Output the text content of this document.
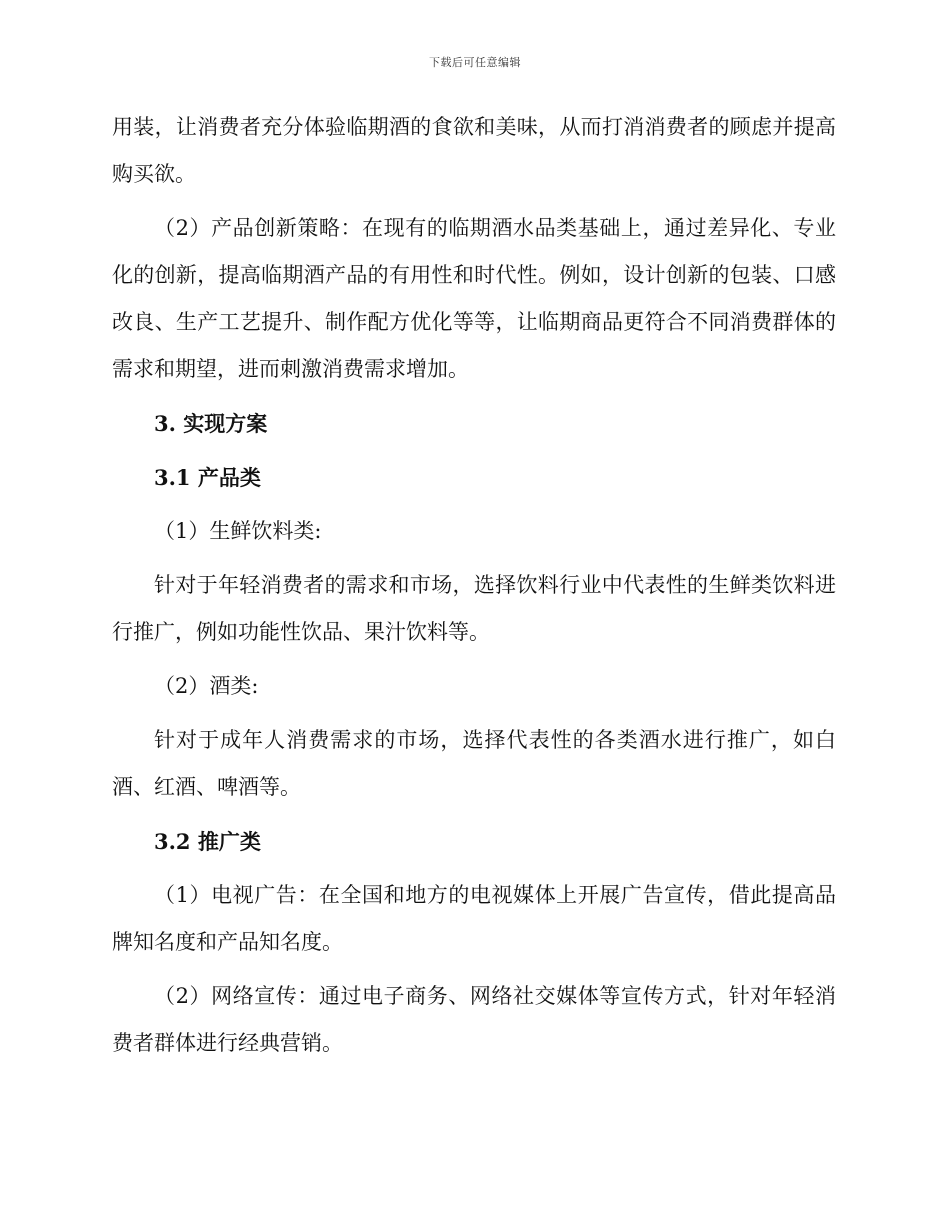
下载后可任意编辑

用装，让消费者充分体验临期酒的食欲和美味，从而打消消费者的顾虑并提高购买欲。

（2）产品创新策略：在现有的临期酒水品类基础上，通过差异化、专业化的创新，提高临期酒产品的有用性和时代性。例如，设计创新的包装、口感改良、生产工艺提升、制作配方优化等等，让临期商品更符合不同消费群体的需求和期望，进而刺激消费需求增加。

3. 实现方案

3.1 产品类

（1）生鲜饮料类:

针对于年轻消费者的需求和市场，选择饮料行业中代表性的生鲜类饮料进行推广，例如功能性饮品、果汁饮料等。

（2）酒类:

针对于成年人消费需求的市场，选择代表性的各类酒水进行推广，如白酒、红酒、啤酒等。

3.2 推广类

（1）电视广告：在全国和地方的电视媒体上开展广告宣传，借此提高品牌知名度和产品知名度。

（2）网络宣传：通过电子商务、网络社交媒体等宣传方式，针对年轻消费者群体进行经典营销。
